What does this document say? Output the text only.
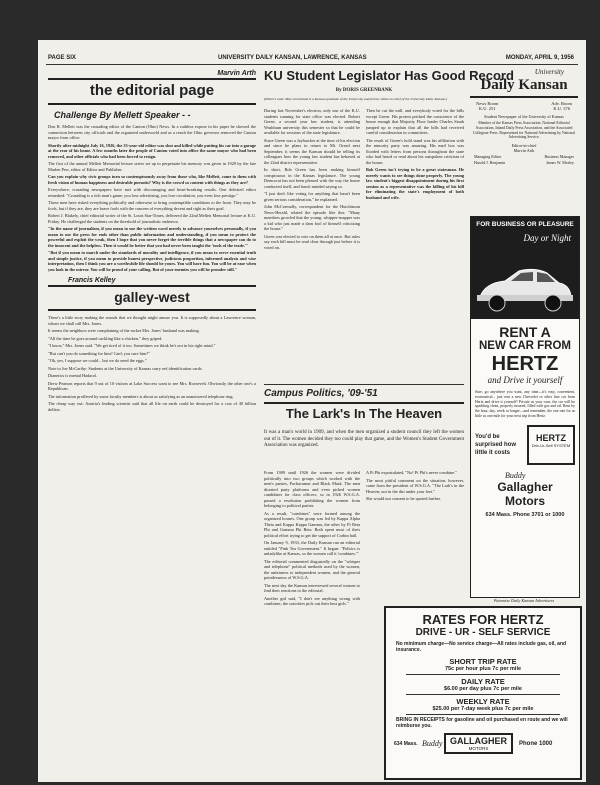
PAGE SIX	UNIVERSITY DAILY KANSAN, LAWRENCE, KANSAS	MONDAY, APRIL 9, 1956
Marvin Arth
the editorial page
Challenge By Mellett Speaker - -

Don R. Mellett was the crusading editor of the Canton (Ohio) News. In a ruthless expose in his paper he showed the connection between city officials and the organized underworld and as a result the Ohio governor removed the Canton mayor from office.

Shortly after midnight July 16, 1926, the 33-year-old editor was shot and killed while putting his car into a garage at the rear of his home. A few months later the people of Canton voted into office the same mayor who had been removed, and other officials who had been forced to resign.

The first of the annual Mellett Memorial lecture series set up to perpetuate his memory was given in 1929 by the late Marlen Pew, editor of Editor and Publisher.

Can you explain why civic groups turn so contemptuously away from those who, like Mellett, come to them with fresh vision of human happiness and desirable pursuits? Why is the crowd so content with things as they are?

Everywhere, crusading newspapers have met with discouraging and heart-breaking results. One defeated editor remarked: "Crusading is a rich man's game; you lose advertising, you lose circulation, you even lose prestige."

Those men have risked everything politically and otherwise to bring contemptible conditions to the front. They may be fools, but if they are, they are brave fools with the concern of everything decent and right as their goal.

Robert J. Blakely, chief editorial writer of the St. Louis Star-Times, delivered the 22nd Mellett Memorial lecture at K.U. Friday. He challenged the students on the threshold of journalistic endeavor.

"In the name of journalism, if you mean to use the written word merely to advance yourselves personally, if you mean to use the press for ends other than public information and understanding, if you mean to protect the powerful and exploit the weak, then I hope that you never forget the terrible things that a newspaper can do to the innocent and the helpless. Then it would be better that you had never been taught the 'tools of the trade.'"

"But if you mean to march under the standards of morality and intelligence, if you mean to serve essential truth and simple justice, if you mean to provide honest perspective, judicious proportion, informed analysis and wise interpretation, then I think you are a worthwhile life should be yours. You will have fun. You will be at ease when you look in the mirror. You will be proud of your calling. But of your enemies you will be prouder still."

Francis Kelley
galley-west

There's a little story making the rounds that we thought might amuse you. It is supposedly about a Lawrence woman, whom we shall call Mrs. Jones.

It seems the neighbors were complaining of the racket Mrs. Jones' husband was making.

"All the time he goes around cackling like a chicken," they griped.

"I know," Mrs. Jones said. "We get tired of it too. Sometimes we think he's not in his right mind."

"But can't you do something for him? Can't you cure him?"

"Oh, yes, I suppose we could... but we do need the eggs."

Note to Joe McCarthy: Students at the University of Kansas carry red identification cards.

Dianetics is mental Hadacol.

Drew Pearson reports that 9 out of 10 visitors at Lake Success want to see Mrs. Roosevelt. Obviously the other one's a Republican.

The information proffered by some faculty members is about as satisfying as an unanswered telephone ring.

The cheap way out: Austria's leading scientist said that all life on earth could be destroyed for a cost of 40 billion dollars.

KU Student Legislator Has Good Record
By DORIS GREENBANK

(Editor's note: Miss Greenbank is a Kansan graduate of the University and former editor-in-chief of the University Daily Kansan.)

During last November's election, only one of the K.U. students running for state office was elected. Robert Green, a second year law student, is attending Washburn university this semester so that he could be available for sessions of the state legislature.

Since Green was a Jayhawker at the time of his election and since he plans to return to Mt. Oread next September, it seems the Kansan should be telling its colleagues how the young law student has behaved at the 22nd district representative.

In short, Bob Green has been making himself conspicuous in the Kansas legislature. The young Democrat has not been pleased with the way the house conducted itself, and hasn't minded saying so.

"I just don't like voting for anything that hasn't been given serious consideration," he explained.

John McCormally, correspondent for the Hutchinson News-Herald, related the episode like this: "Many members growled that the young, whipper-snapper was a kid who just made a darn fool of himself criticizing the house."

Green was elected to vote on them all at once. But rules say each bill must be read clear through just before it is voted on.

Then he cut the mill, and everybody voted for the bills except Green. His protest pricked the conscience of the house enough that Majority Floor leader Charles Staub jumped up to explain that all the bills had received careful consideration in committees.

The result of Green's bold stand was his affiliation with the minority party was amazing. His mail box was flooded with letters from persons throughout the state who had heard or read about his outspoken criticism of the house.

Bob Green isn't trying to be a great statesman. He merely wants to see things done properly. The young law student's biggest disappointment during his first session as a representative was the killing of his bill for eliminating the state's employment of both husband and wife.

Campus Politics, '09-'51
The Lark's In The Heaven

It was a man's world in 1909, and when the men organized a student council they left the women out of it. The women decided they too could play that game, and the Women's Student Government Association was organized.

From 1909 until 1926 the women were divided politically into two groups which worked with the men's parties, Pachacamac and Black Mask. The men dictated party platforms and even picked women candidates for class officers, so in 1926 W.S.G.A. passed a resolution prohibiting the women from belonging to political parties.

As a result, "combines" were formed among the organized houses. One group was led by Kappa Alpha Theta and Kappa Kappa Gamma, the other by Pi Beta Phi and Gamma Phi Beta. Both spent most of their political effort trying to get the support of Corbin hall.

On January 9, 1933, the Daily Kansan ran an editorial entitled "Pink Tea Government." It began: "Politics is unladylike at Kansas, so the women call it 'combines.'"

The editorial commented disgustedly on the "whisper and telephone" political methods used by the women, the unfairness to independent women, and the general pointlessness of W.S.G.A.

The next day the Kansan interviewed several women to find their reactions to the editorial.

Another girl said, "I don't see anything wrong with combines; the sororities pick out their best girls."

A Pi Phi expostulated, "No! Pi Phi's never combine."

The most pitiful comment on the situation, however, came from the president of W.S.G.A. "The Lark's in the Heaven; not in the dirt under your feet."

She would not consent to be quoted further.

University
Daily Kansan
News Room
K.U. 251
Adv. Room
K.U. 376
Student Newspaper of the University of Kansas

Member of the Kansas Press Association, National Editorial Association, Inland Daily Press Association, and the Associated Collegiate Press. Represented for National Advertising by National Advertising Service.

Editor-in-chief
Marvin Arth
Managing Editor	Business Manager
Harold J. Benjamin	James W. Morley
FOR BUSINESS OR PLEASURE
Day or Night
RENT A
NEW CAR FROM
HERTZ
and Drive it yourself

Sure, go anywhere you want, any time—it's easy, convenient, economical... just rent a new Chevrolet or other fine car from Hertz and drive it yourself! Private as your own, the car will be sparkling clean, properly insured, filled with gas and oil. Rent by the hour, day, week or longer—and remember, the one rate for as little as one mile for your next trip from Hertz.

You'd be surprised how little it costs
HERTZ
Driv-Ur-Self SYSTEM
Buddy
Gallagher
Motors
634 Mass. Phone 3701 or 1000
Patronize Daily Kansan Advertisers
RATES FOR HERTZ
DRIVE - UR - SELF SERVICE
No minimum charge—No service charge—All rates include gas, oil, and insurance.
SHORT TRIP RATE
75c per hour plus 7c per mile
DAILY RATE
$6.00 per day plus 7c per mile
WEEKLY RATE
$25.00 per 7-day week plus 7c per mile
BRING IN RECEIPTS for gasoline and oil purchased en route and we will reimburse you.
634 Mass. Buddy GALLAGHER
MOTORS
Phone 1000
